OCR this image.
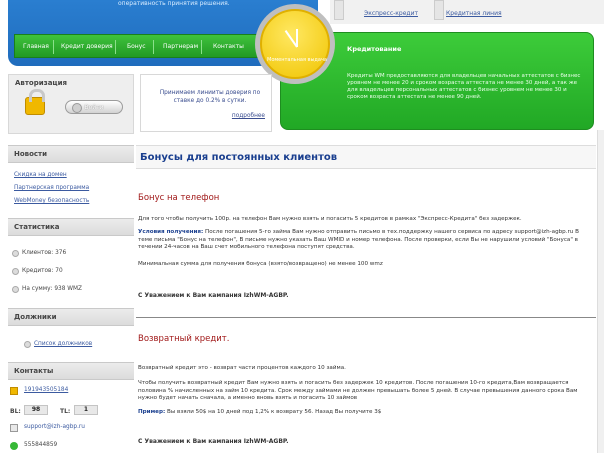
оперативность принятия решения.
Главная Кредит доверия Бонус	Партнерам Контакты
Экспресс-кредит	Кредитная линия
Кредитование

Кредиты WM предоставляются для владельцев начальных аттестатов с бизнес уровнем не менее 20 и сроком возраста аттестата не менее 30 дней, а так же для владельцев персональных аттестатов с бизнес уровнем не менее 30 и сроком возраста аттестата не менее 90 дней.

Моментальная выдача
Авторизация
Войти

Принимаем линииты доверия по ставке до 0.2% в сутки.

подробнее
Новости
Скидка на домен
Партнерская программа
WebMoney безопасность
Статистика
Клиентов: 376
Кредитов: 70
На сумму: 938 WMZ
Должники
Список должников
Контакты
191943505184
BL:	98	TL:	1
support@izh-agbp.ru
555844859
Бонусы для постоянных клиентов
Бонус на телефон

Для того чтобы получить 100р. на телефон Вам нужно взять и погасить 5 кредитов в рамках "Экспресс-Кредита" без задержек.

Условия получения: После погашения 5-го займа Вам нужно отправить письмо в тех.поддержку нашего сервиса по адресу support@izh-agbp.ru В теме письма "Бонус на телефон", В письме нужно указать Ваш WMID и номер телефона. После проверки, если Вы не нарушили условий "Бонуса" в течении 24-часов на Ваш счет мобильного телефона поступят средства.

Минимальная сумма для получения бонуса (взято/возвращено) не менее 100 wmz

С Уважением к Вам кампания IzhWM-AGBP.
Возвратный кредит.

Возвратный кредит это - возврат части процентов каждого 10 займа.

Чтобы получить возвратный кредит Вам нужно взять и погасить без задержек 10 кредитов. После погашения 10-го кредита,Вам возвращается половина % начисленных на займ 10 кредита. Срок между займами не должен превышать более 5 дней. В случае превышения данного срока Вам нужно будет начать сначала, а именно вновь взять и погасить 10 займов

Пример: Вы взяли 50$ на 10 дней под 1,2% к возврату 56. Назад Вы получите 3$

С Уважением к Вам кампания IzhWM-AGBP.
